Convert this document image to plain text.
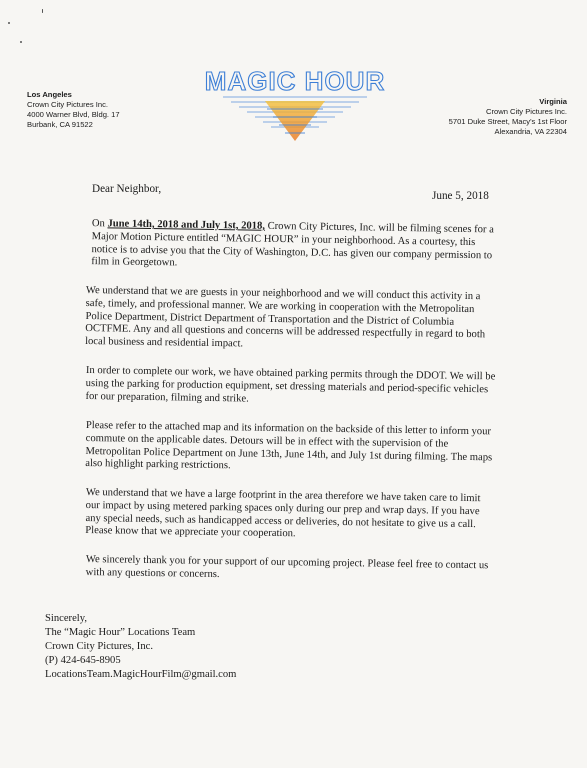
Los Angeles
Crown City Pictures Inc.
4000 Warner Blvd, Bldg. 17
Burbank, CA 91522
MAGIC HOUR
Virginia
Crown City Pictures Inc.
5701 Duke Street, Macy's 1st Floor
Alexandria, VA 22304
Dear Neighbor,
June 5, 2018

On June 14th, 2018 and July 1st, 2018, Crown City Pictures, Inc. will be filming scenes for a Major Motion Picture entitled “MAGIC HOUR” in your neighborhood. As a courtesy, this notice is to advise you that the City of Washington, D.C. has given our company permission to film in Georgetown.

We understand that we are guests in your neighborhood and we will conduct this activity in a safe, timely, and professional manner. We are working in cooperation with the Metropolitan Police Department, District Department of Transportation and the District of Columbia OCTFME. Any and all questions and concerns will be addressed respectfully in regard to both local business and residential impact.

In order to complete our work, we have obtained parking permits through the DDOT. We will be using the parking for production equipment, set dressing materials and period-specific vehicles for our preparation, filming and strike.

Please refer to the attached map and its information on the backside of this letter to inform your commute on the applicable dates. Detours will be in effect with the supervision of the Metropolitan Police Department on June 13th, June 14th, and July 1st during filming. The maps also highlight parking restrictions.

We understand that we have a large footprint in the area therefore we have taken care to limit our impact by using metered parking spaces only during our prep and wrap days. If you have any special needs, such as handicapped access or deliveries, do not hesitate to give us a call. Please know that we appreciate your cooperation.

We sincerely thank you for your support of our upcoming project. Please feel free to contact us with any questions or concerns.

Sincerely,
The “Magic Hour” Locations Team
Crown City Pictures, Inc.
(P) 424-645-8905
LocationsTeam.MagicHourFilm@gmail.com
